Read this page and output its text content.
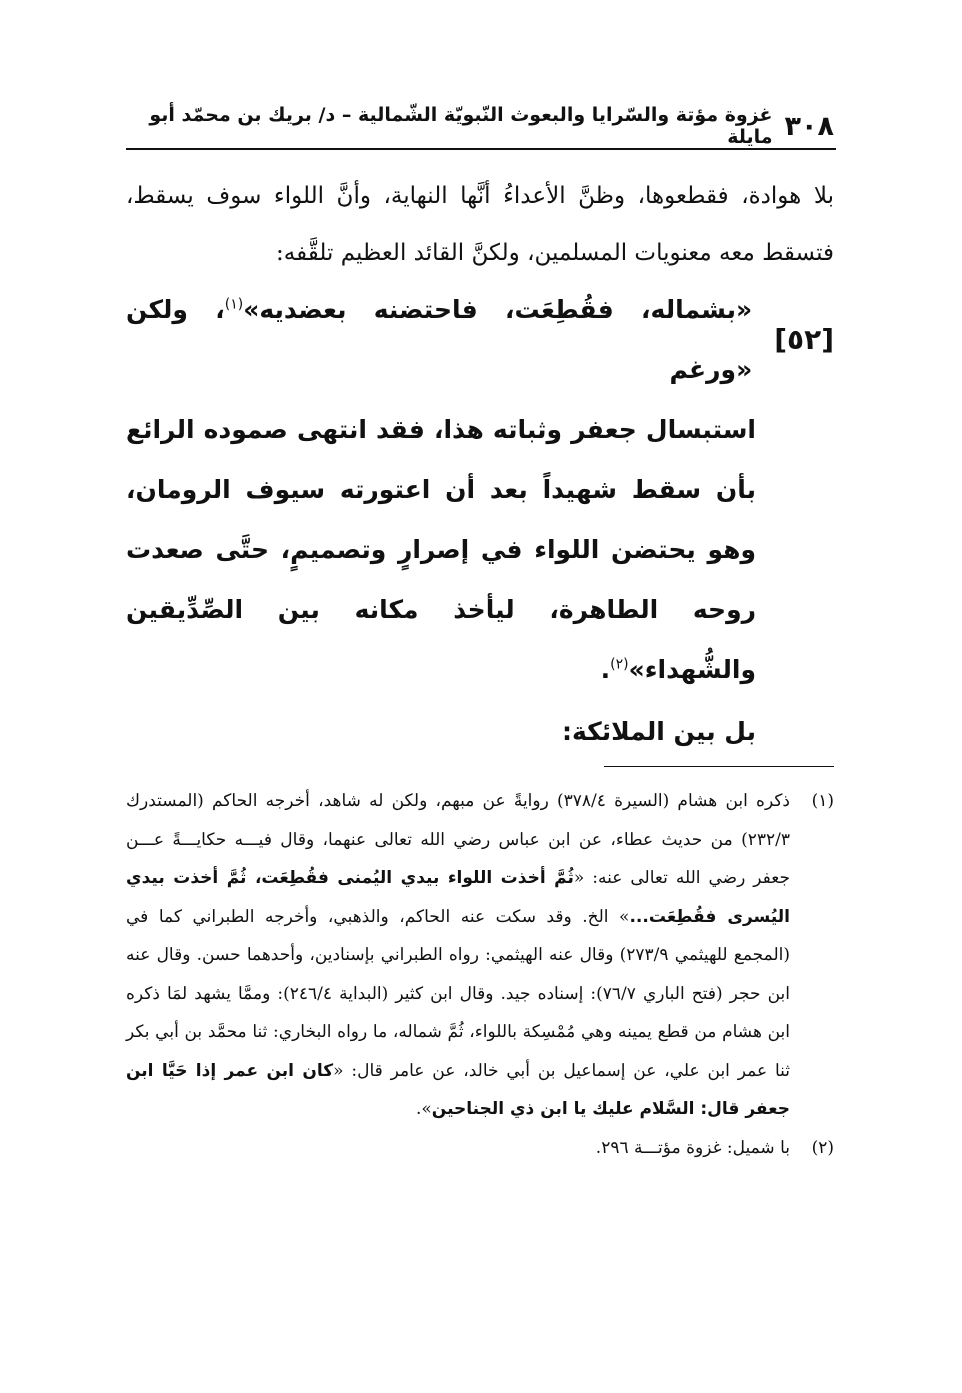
٣٠٨
غزوة مؤتة والسّرايا والبعوث النّبويّة الشّمالية – د/ بريك بن محمّد أبو مايلة

بلا هوادة، فقطعوها، وظنَّ الأعداءُ أنَّها النهاية، وأنَّ اللواء سوف يسقط، فتسقط معه معنويات المسلمين، ولكنَّ القائد العظيم تلقَّفه:

[٥٢]
«بشماله، فقُطِعَت، فاحتضنه بعضديه»$^{(١)}$، ولكن «ورغم
استبسال جعفر وثباته هذا، فقد انتهى صموده الرائع بأن سقط شهيداً بعد أن اعتورته سيوف الرومان، وهو يحتضن اللواء في إصرارٍ وتصميمٍ، حتَّى صعدت روحه الطاهرة، ليأخذ مكانه بين الصِّدِّيقين والشُّهداء»$^{(٢)}$.
بل بين الملائكة:
(١)
ذكره ابن هشام (السيرة ٣٧٨/٤) روايةً عن مبهم، ولكن له شاهد، أخرجه الحاكم (المستدرك ٢٣٢/٣) من حديث عطاء، عن ابن عباس رضي الله تعالى عنهما، وقال فيـــه حكايـــةً عـــن جعفر رضي الله تعالى عنه: «ثُمَّ أخذت اللواء بيدي اليُمنى فقُطِعَت، ثُمَّ أخذت بيدي اليُسرى فقُطِعَت...» الخ. وقد سكت عنه الحاكم، والذهبي، وأخرجه الطبراني كما في (المجمع للهيثمي ٢٧٣/٩) وقال عنه الهيثمي: رواه الطبراني بإسنادين، وأحدهما حسن. وقال عنه ابن حجر (فتح الباري ٧٦/٧): إسناده جيد. وقال ابن كثير (البداية ٢٤٦/٤): وممَّا يشهد لمَا ذكره ابن هشام من قطع يمينه وهي مُمْسِكة باللواء، ثُمَّ شماله، ما رواه البخاري: ثنا محمَّد بن أبي بكر ثنا عمر ابن علي، عن إسماعيل بن أبي خالد، عن عامر قال: «كان ابن عمر إذا حَيَّا ابن جعفر قال: السَّلام عليك يا ابن ذي الجناحين».
(٢)
با شميل: غزوة مؤتـــة ٢٩٦.
